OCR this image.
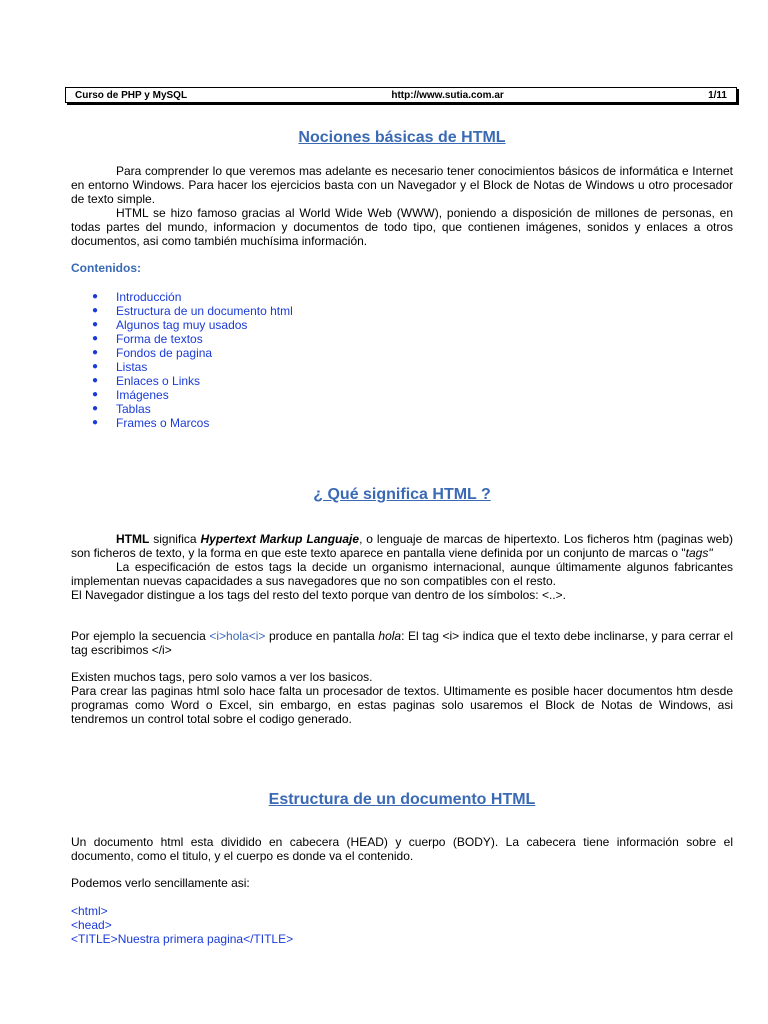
Curso de PHP y MySQL	http://www.sutia.com.ar	1/11
Nociones básicas de HTML

Para comprender lo que veremos mas adelante es necesario tener conocimientos básicos de informática e Internet en entorno Windows. Para hacer los ejercicios basta con un Navegador y el Block de Notas de Windows u otro procesador de texto simple.

HTML se hizo famoso gracias al World Wide Web (WWW), poniendo a disposición de millones de personas, en todas partes del mundo, informacion y documentos de todo tipo, que contienen imágenes, sonidos y enlaces a otros documentos, asi como también muchísima información.

Contenidos:
● Introducción
● Estructura de un documento html
● Algunos tag muy usados
● Forma de textos
● Fondos de pagina
● Listas
● Enlaces o Links
● Imágenes
● Tablas
● Frames o Marcos
¿ Qué significa HTML ?

HTML significa Hypertext Markup Languaje, o lenguaje de marcas de hipertexto. Los ficheros htm (paginas web) son ficheros de texto, y la forma en que este texto aparece en pantalla viene definida por un conjunto de marcas o "tags"

La especificación de estos tags la decide un organismo internacional, aunque últimamente algunos fabricantes implementan nuevas capacidades a sus navegadores que no son compatibles con el resto.

El Navegador distingue a los tags del resto del texto porque van dentro de los símbolos: <..>.

Por ejemplo la secuencia <i>hola<i> produce en pantalla hola: El tag <i> indica que el texto debe inclinarse, y para cerrar el tag escribimos </i>

Existen muchos tags, pero solo vamos a ver los basicos.

Para crear las paginas html solo hace falta un procesador de textos. Ultimamente es posible hacer documentos htm desde programas como Word o Excel, sin embargo, en estas paginas solo usaremos el Block de Notas de Windows, asi tendremos un control total sobre el codigo generado.

Estructura de un documento HTML

Un documento html esta dividido en cabecera (HEAD) y cuerpo (BODY). La cabecera tiene información sobre el documento, como el titulo, y el cuerpo es donde va el contenido.

Podemos verlo sencillamente asi:
<html>
<head>
<TITLE>Nuestra primera pagina</TITLE>
